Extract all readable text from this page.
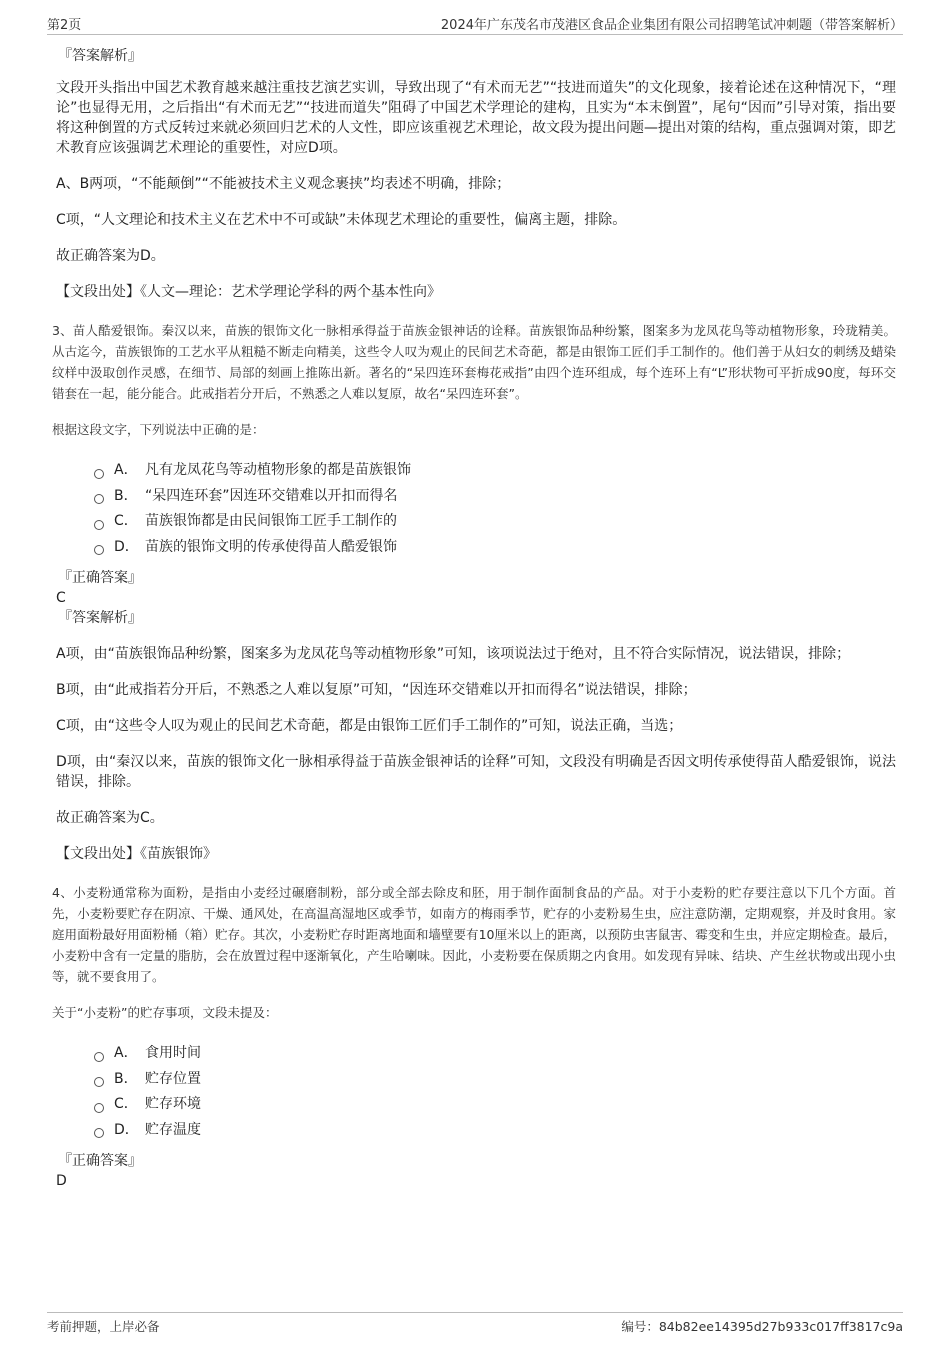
第2页	2024年广东茂名市茂港区食品企业集团有限公司招聘笔试冲刺题（带答案解析）

『答案解析』

文段开头指出中国艺术教育越来越注重技艺演艺实训，导致出现了“有术而无艺”“技进而道失”的文化现象，接着论述在这种情况下，“理论”也显得无用，之后指出“有术而无艺”“技进而道失”阻碍了中国艺术学理论的建构，且实为“本末倒置”，尾句“因而”引导对策，指出要将这种倒置的方式反转过来就必须回归艺术的人文性，即应该重视艺术理论，故文段为提出问题—提出对策的结构，重点强调对策，即艺术教育应该强调艺术理论的重要性，对应D项。

A、B两项，“不能颠倒”“不能被技术主义观念裹挟”均表述不明确，排除；

C项，“人文理论和技术主义在艺术中不可或缺”未体现艺术理论的重要性，偏离主题，排除。

故正确答案为D。

【文段出处】《人文—理论：艺术学理论学科的两个基本性向》

3、苗人酷爱银饰。秦汉以来，苗族的银饰文化一脉相承得益于苗族金银神话的诠释。苗族银饰品种纷繁，图案多为龙凤花鸟等动植物形象，玲珑精美。从古迄今，苗族银饰的工艺水平从粗糙不断走向精美，这些令人叹为观止的民间艺术奇葩，都是由银饰工匠们手工制作的。他们善于从妇女的刺绣及蜡染纹样中汲取创作灵感，在细节、局部的刻画上推陈出新。著名的“呆四连环套梅花戒指”由四个连环组成，每个连环上有“L”形状物可平折成90度，每环交错套在一起，能分能合。此戒指若分开后，不熟悉之人难以复原，故名“呆四连环套”。

根据这段文字，下列说法中正确的是：

A． 凡有龙凤花鸟等动植物形象的都是苗族银饰
B． “呆四连环套”因连环交错难以开扣而得名
C． 苗族银饰都是由民间银饰工匠手工制作的
D． 苗族的银饰文明的传承使得苗人酷爱银饰

『正确答案』

C

『答案解析』

A项，由“苗族银饰品种纷繁，图案多为龙凤花鸟等动植物形象”可知，该项说法过于绝对，且不符合实际情况，说法错误，排除；

B项，由“此戒指若分开后，不熟悉之人难以复原”可知，“因连环交错难以开扣而得名”说法错误，排除；

C项，由“这些令人叹为观止的民间艺术奇葩，都是由银饰工匠们手工制作的”可知，说法正确，当选；

D项，由“秦汉以来，苗族的银饰文化一脉相承得益于苗族金银神话的诠释”可知，文段没有明确是否因文明传承使得苗人酷爱银饰，说法错误，排除。

故正确答案为C。

【文段出处】《苗族银饰》

4、小麦粉通常称为面粉，是指由小麦经过碾磨制粉，部分或全部去除皮和胚，用于制作面制食品的产品。对于小麦粉的贮存要注意以下几个方面。首先，小麦粉要贮存在阴凉、干燥、通风处，在高温高湿地区或季节，如南方的梅雨季节，贮存的小麦粉易生虫，应注意防潮，定期观察，并及时食用。家庭用面粉最好用面粉桶（箱）贮存。其次，小麦粉贮存时距离地面和墙壁要有10厘米以上的距离，以预防虫害鼠害、霉变和生虫，并应定期检查。最后，小麦粉中含有一定量的脂肪，会在放置过程中逐渐氧化，产生哈喇味。因此，小麦粉要在保质期之内食用。如发现有异味、结块、产生丝状物或出现小虫等，就不要食用了。

关于“小麦粉”的贮存事项，文段未提及：

A． 食用时间
B． 贮存位置
C． 贮存环境
D． 贮存温度

『正确答案』

D

考前押题，上岸必备	编号：84b82ee14395d27b933c017ff3817c9a
